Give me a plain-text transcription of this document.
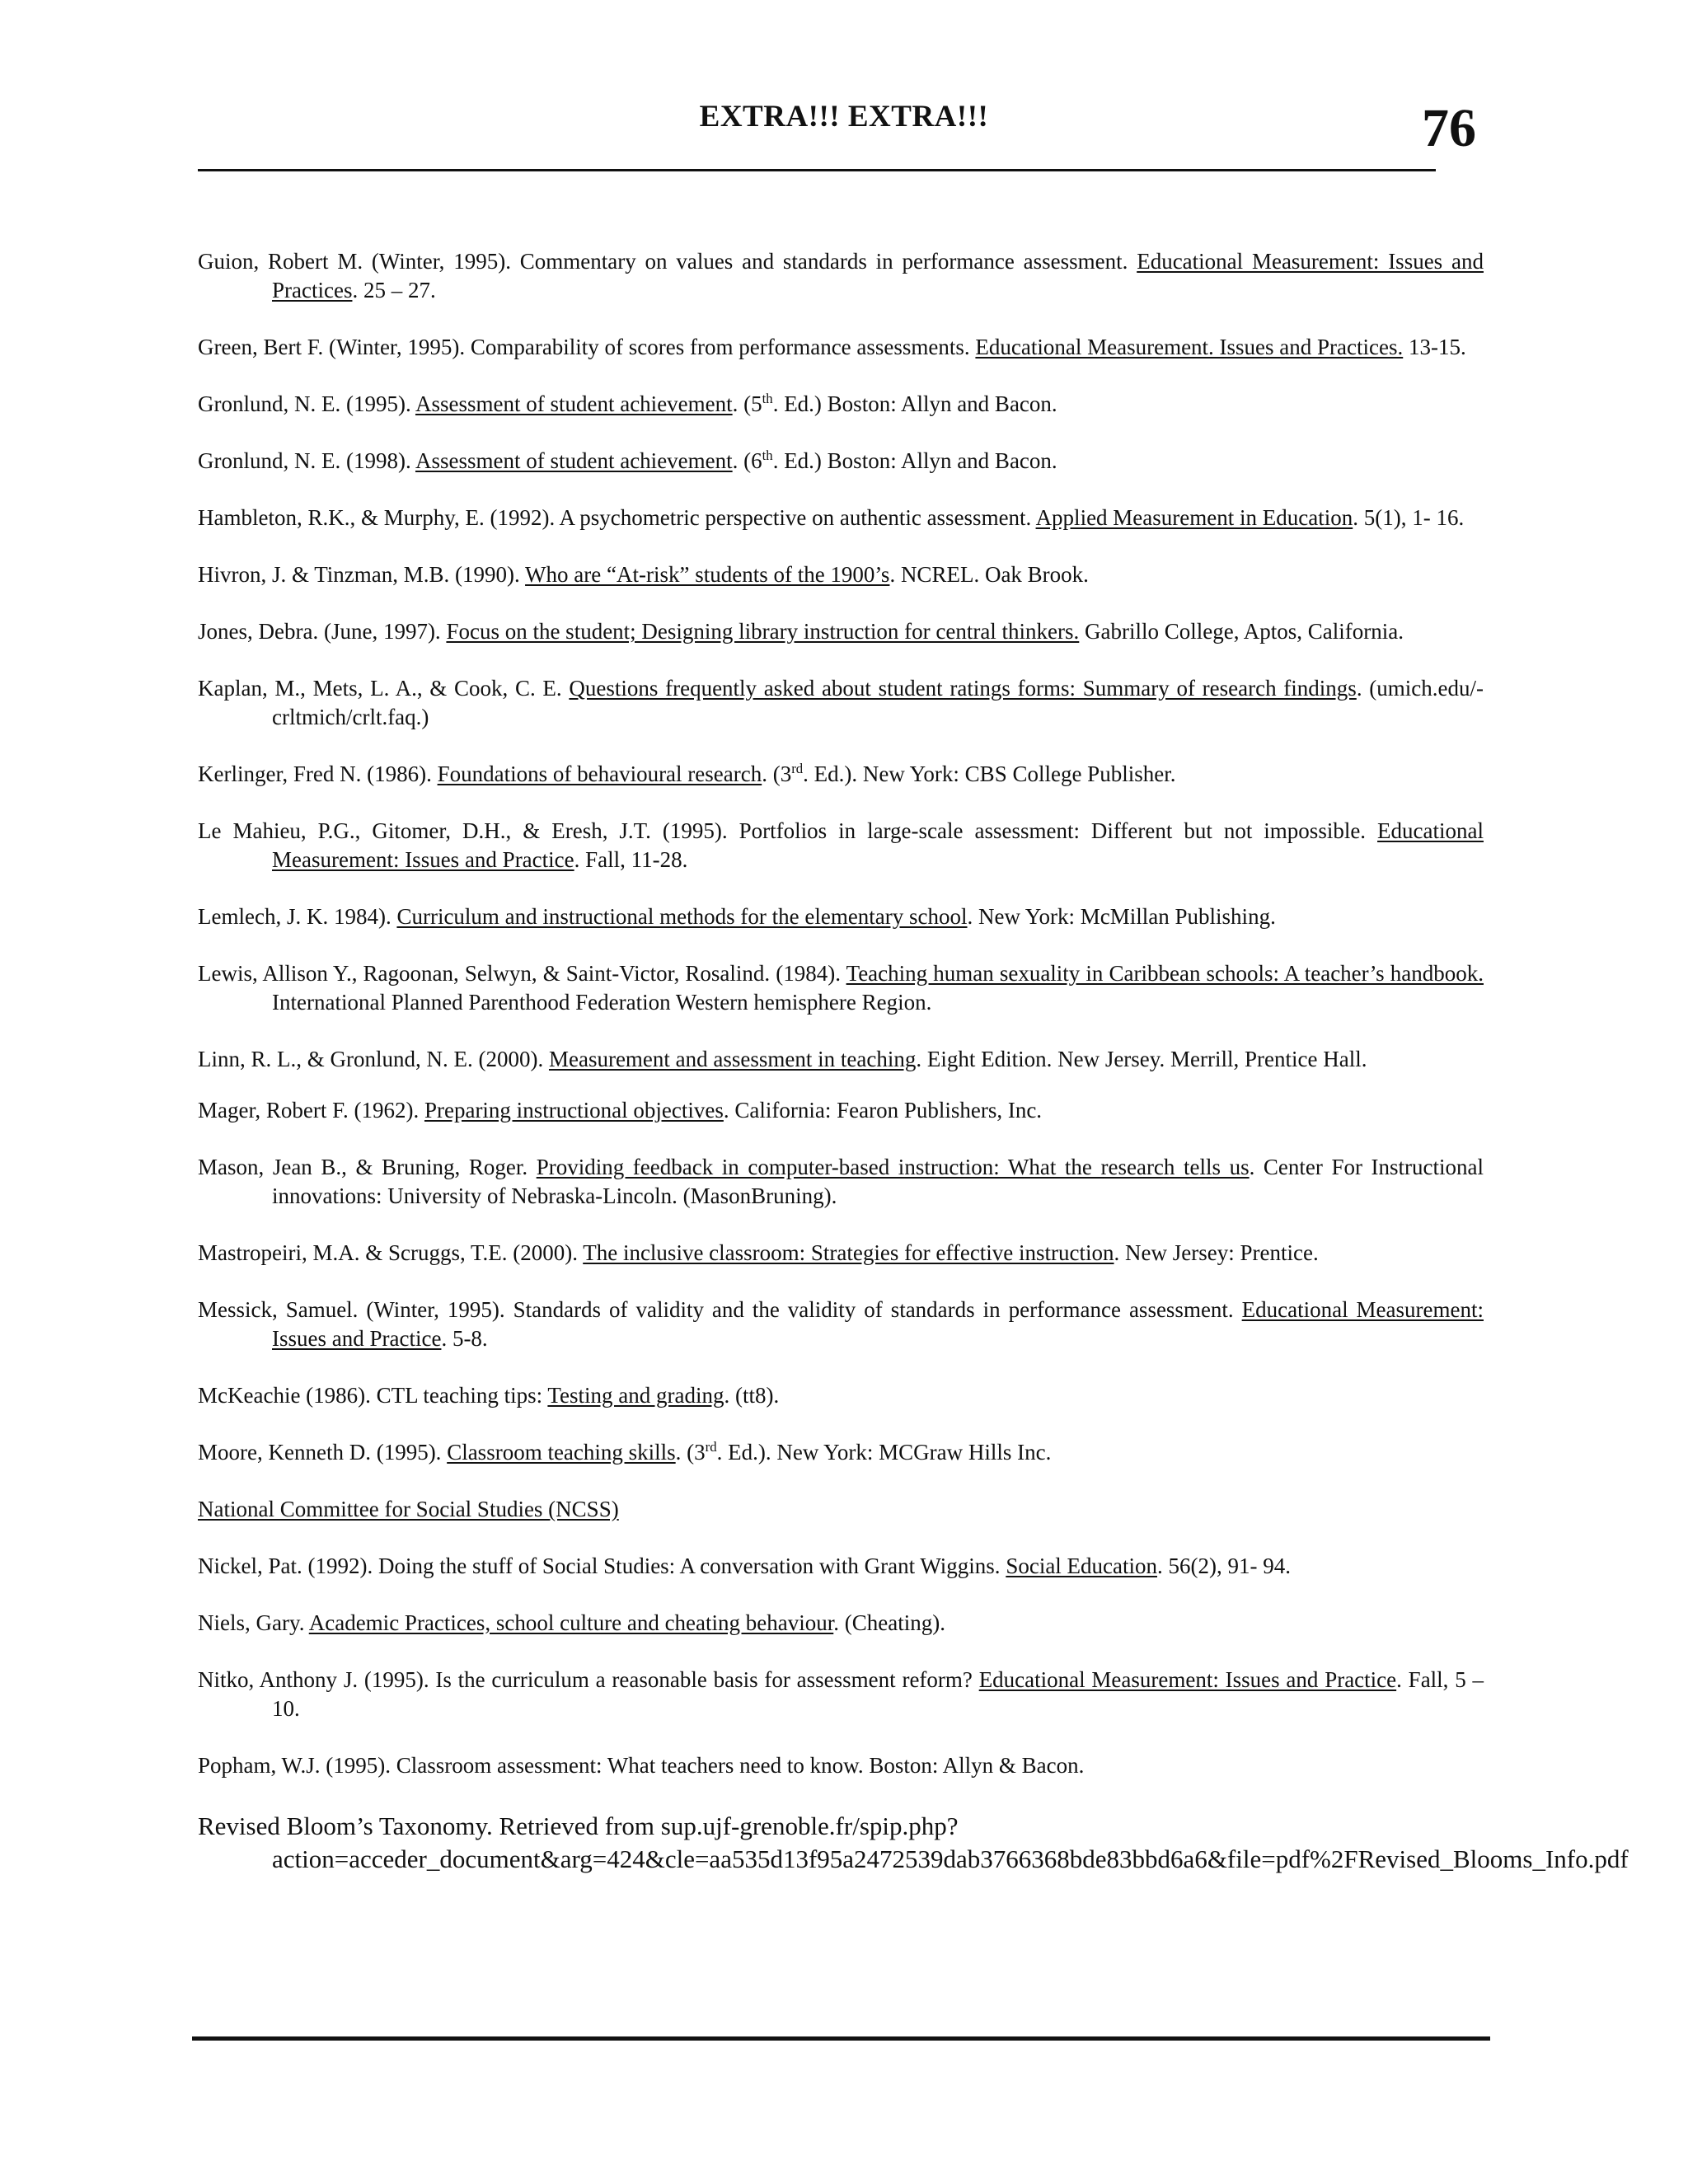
EXTRA!!! EXTRA!!!	76

Guion, Robert M. (Winter, 1995). Commentary on values and standards in performance assessment. Educational Measurement: Issues and Practices. 25 – 27.

Green, Bert F. (Winter, 1995). Comparability of scores from performance assessments. Educational Measurement. Issues and Practices. 13-15.

Gronlund, N. E. (1995). Assessment of student achievement. (5th. Ed.) Boston: Allyn and Bacon.

Gronlund, N. E. (1998). Assessment of student achievement. (6th. Ed.) Boston: Allyn and Bacon.

Hambleton, R.K., & Murphy, E. (1992). A psychometric perspective on authentic assessment. Applied Measurement in Education. 5(1), 1- 16.

Hivron, J. & Tinzman, M.B. (1990). Who are “At-risk” students of the 1900’s. NCREL. Oak Brook.

Jones, Debra. (June, 1997). Focus on the student; Designing library instruction for central thinkers. Gabrillo College, Aptos, California.

Kaplan, M., Mets, L. A., & Cook, C. E. Questions frequently asked about student ratings forms: Summary of research findings. (umich.edu/-crltmich/crlt.faq.)

Kerlinger, Fred N. (1986). Foundations of behavioural research. (3rd. Ed.). New York: CBS College Publisher.

Le Mahieu, P.G., Gitomer, D.H., & Eresh, J.T. (1995). Portfolios in large-scale assessment: Different but not impossible. Educational Measurement: Issues and Practice. Fall, 11-28.

Lemlech, J. K. 1984). Curriculum and instructional methods for the elementary school. New York: McMillan Publishing.

Lewis, Allison Y., Ragoonan, Selwyn, & Saint-Victor, Rosalind. (1984). Teaching human sexuality in Caribbean schools: A teacher’s handbook. International Planned Parenthood Federation Western hemisphere Region.

Linn, R. L., & Gronlund, N. E. (2000). Measurement and assessment in teaching. Eight Edition. New Jersey. Merrill, Prentice Hall.

Mager, Robert F. (1962). Preparing instructional objectives. California: Fearon Publishers, Inc.

Mason, Jean B., & Bruning, Roger. Providing feedback in computer-based instruction: What the research tells us. Center For Instructional innovations: University of Nebraska-Lincoln. (MasonBruning).

Mastropeiri, M.A. & Scruggs, T.E. (2000). The inclusive classroom: Strategies for effective instruction. New Jersey: Prentice.

Messick, Samuel. (Winter, 1995). Standards of validity and the validity of standards in performance assessment. Educational Measurement: Issues and Practice. 5-8.

McKeachie (1986). CTL teaching tips: Testing and grading. (tt8).

Moore, Kenneth D. (1995). Classroom teaching skills. (3rd. Ed.). New York: MCGraw Hills Inc.

National Committee for Social Studies (NCSS)

Nickel, Pat. (1992). Doing the stuff of Social Studies: A conversation with Grant Wiggins. Social Education. 56(2), 91- 94.

Niels, Gary. Academic Practices, school culture and cheating behaviour. (Cheating).

Nitko, Anthony J. (1995). Is the curriculum a reasonable basis for assessment reform? Educational Measurement: Issues and Practice. Fall, 5 – 10.

Popham, W.J. (1995). Classroom assessment: What teachers need to know. Boston: Allyn & Bacon.

Revised Bloom’s Taxonomy. Retrieved from sup.ujf-grenoble.fr/spip.php?action=acceder_document&arg=424&cle=aa535d13f95a2472539dab3766368bde83bbd6a6&file=pdf%2FRevised_Blooms_Info.pdf
